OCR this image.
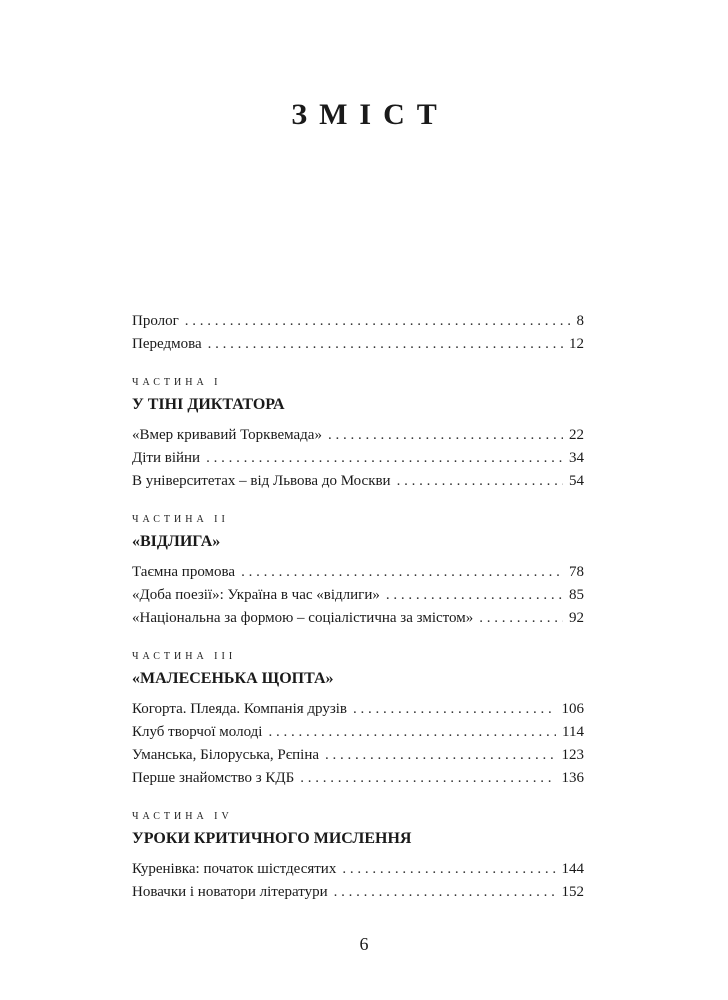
ЗМІСТ
Пролог . . .	8
Передмова . . .	12
ЧАСТИНА I
У ТІНІ ДИКТАТОРА
«Вмер кривавий Торквемада» . . .	22
Діти війни . . .	34
В університетах – від Львова до Москви . . .	54
ЧАСТИНА II
«ВІДЛИГА»
Таємна промова . . .	78
«Доба поезії»: Україна в час «відлиги» . . .	85
«Національна за формою – соціалістична за змістом» . . .	92
ЧАСТИНА III
«МАЛЕСЕНЬКА ЩОПТА»
Когорта. Плеяда. Компанія друзів . . .	106
Клуб творчої молоді . . .	114
Уманська, Білоруська, Рєпіна . . .	123
Перше знайомство з КДБ . . .	136
ЧАСТИНА IV
УРОКИ КРИТИЧНОГО МИСЛЕННЯ
Куренівка: початок шістдесятих . . .	144
Новачки і новатори літератури . . .	152
6
